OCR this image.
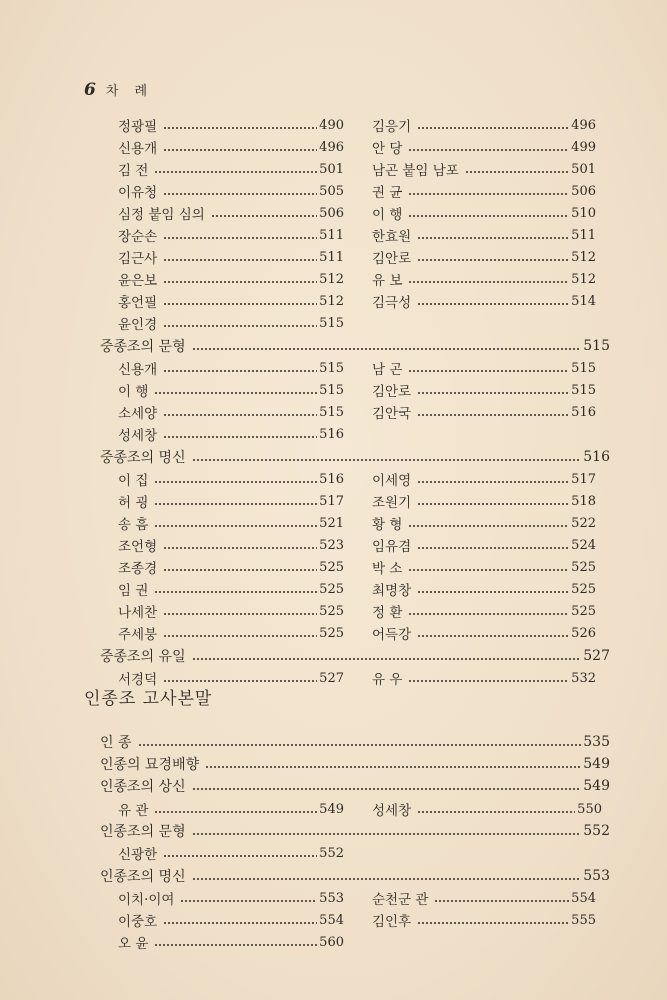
6 차 례
인종조 고사본말
정광필	490 김응기	496
신용개	496 안 당	499
김 전	501 남곤 붙임 남포	501
이유청	505 권 균	506
심정 붙임 심의	506 이 행	510
장순손	511 한효원	511
김근사	511 김안로	512
윤은보	512 유 보	512
홍언필	512 김극성	514
윤인경	515
중종조의 문형	515
신용개	515 남 곤	515
이 행	515 김안로	515
소세양	515 김안국	516
성세창	516
중종조의 명신	516
이 집	516 이세영	517
허 굉	517 조원기	518
송 흠	521 황 형	522
조언형	523 임유겸	524
조종경	525 박 소	525
임 권	525 최명창	525
나세찬	525 정 환	525
주세붕	525 어득강	526
중종조의 유일	527
서경덕	527 유 우	532
인 종	535
인종의 묘경배향	549
인종조의 상신	549
유 관	549 성세창	550
인종조의 문형	552
신광한	552
인종조의 명신	553
이치·이여	553 순천군 관	554
이중호	554 김인후	555
오 윤	560
